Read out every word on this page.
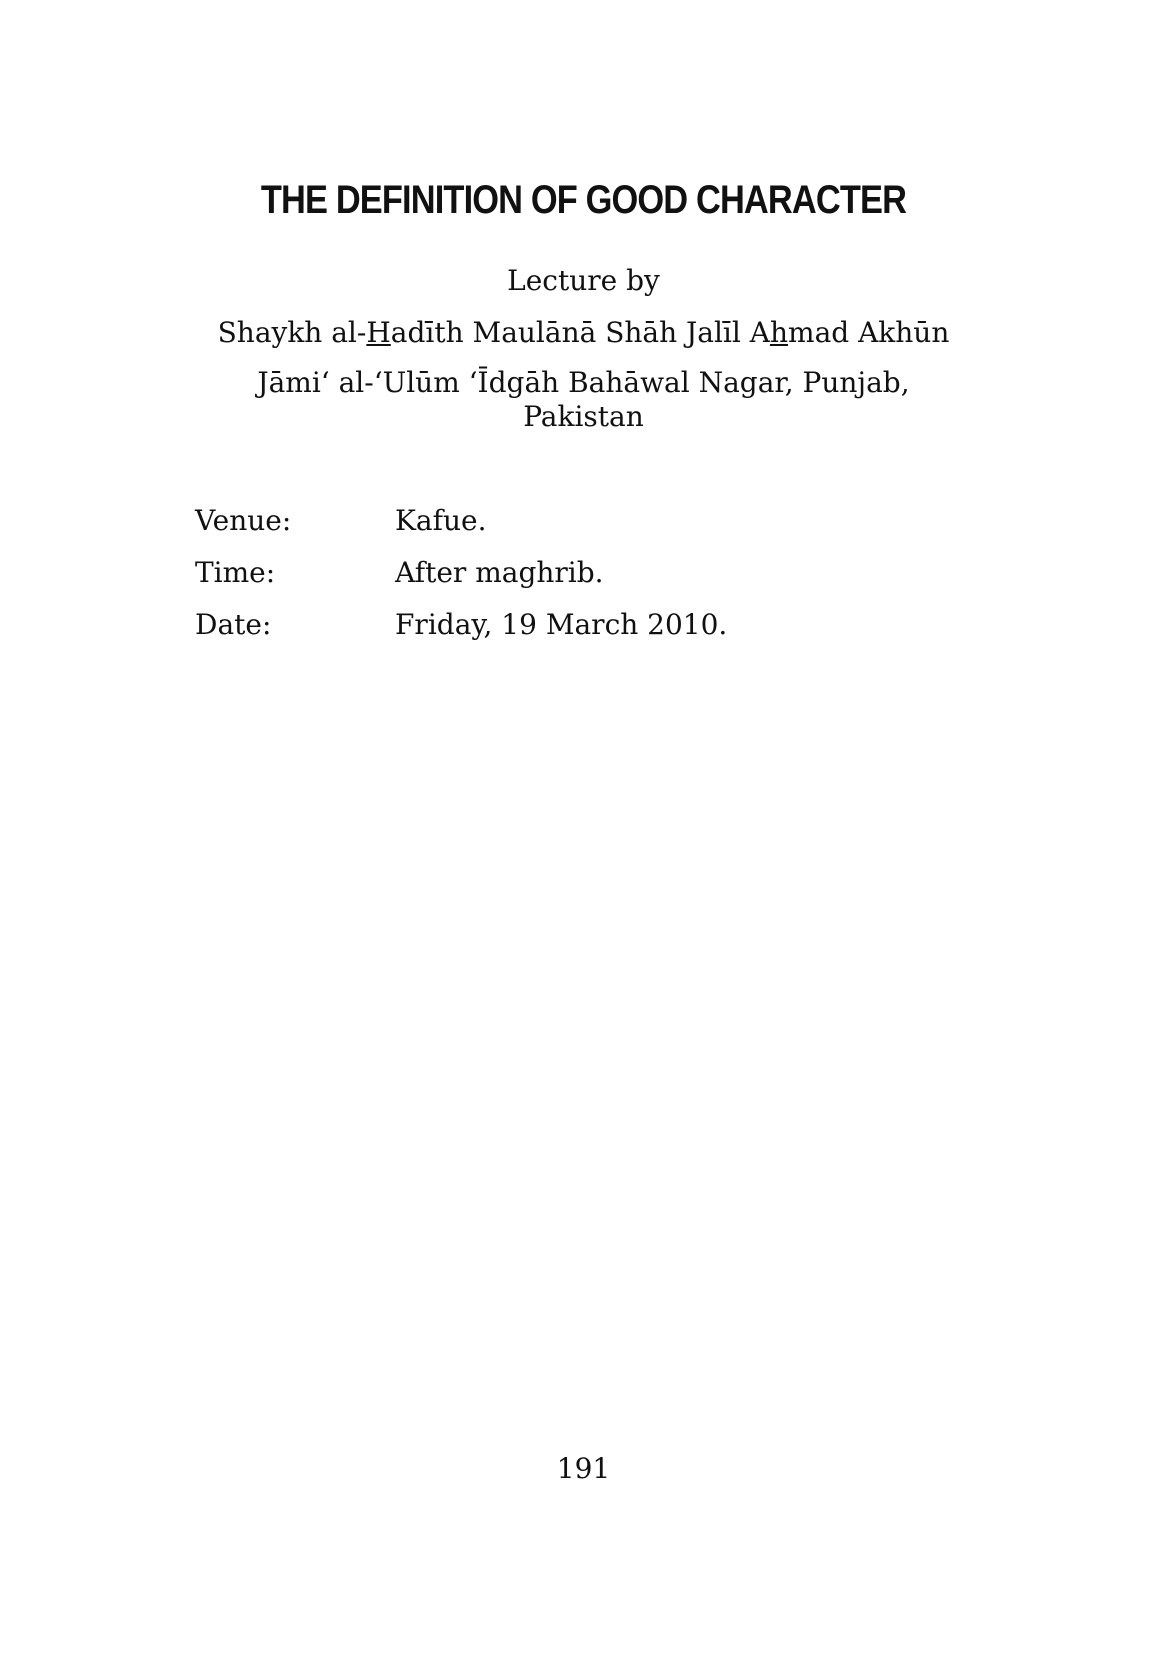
THE DEFINITION OF GOOD CHARACTER
Lecture by
Shaykh al-Hadīth Maulānā Shāh Jalīl Ahmad Akhūn
Jāmi‘ al-‘Ulūm ‘Īdgāh Bahāwal Nagar, Punjab, Pakistan
Venue:	Kafue.
Time:	After maghrib.
Date:	Friday, 19 March 2010.
191
